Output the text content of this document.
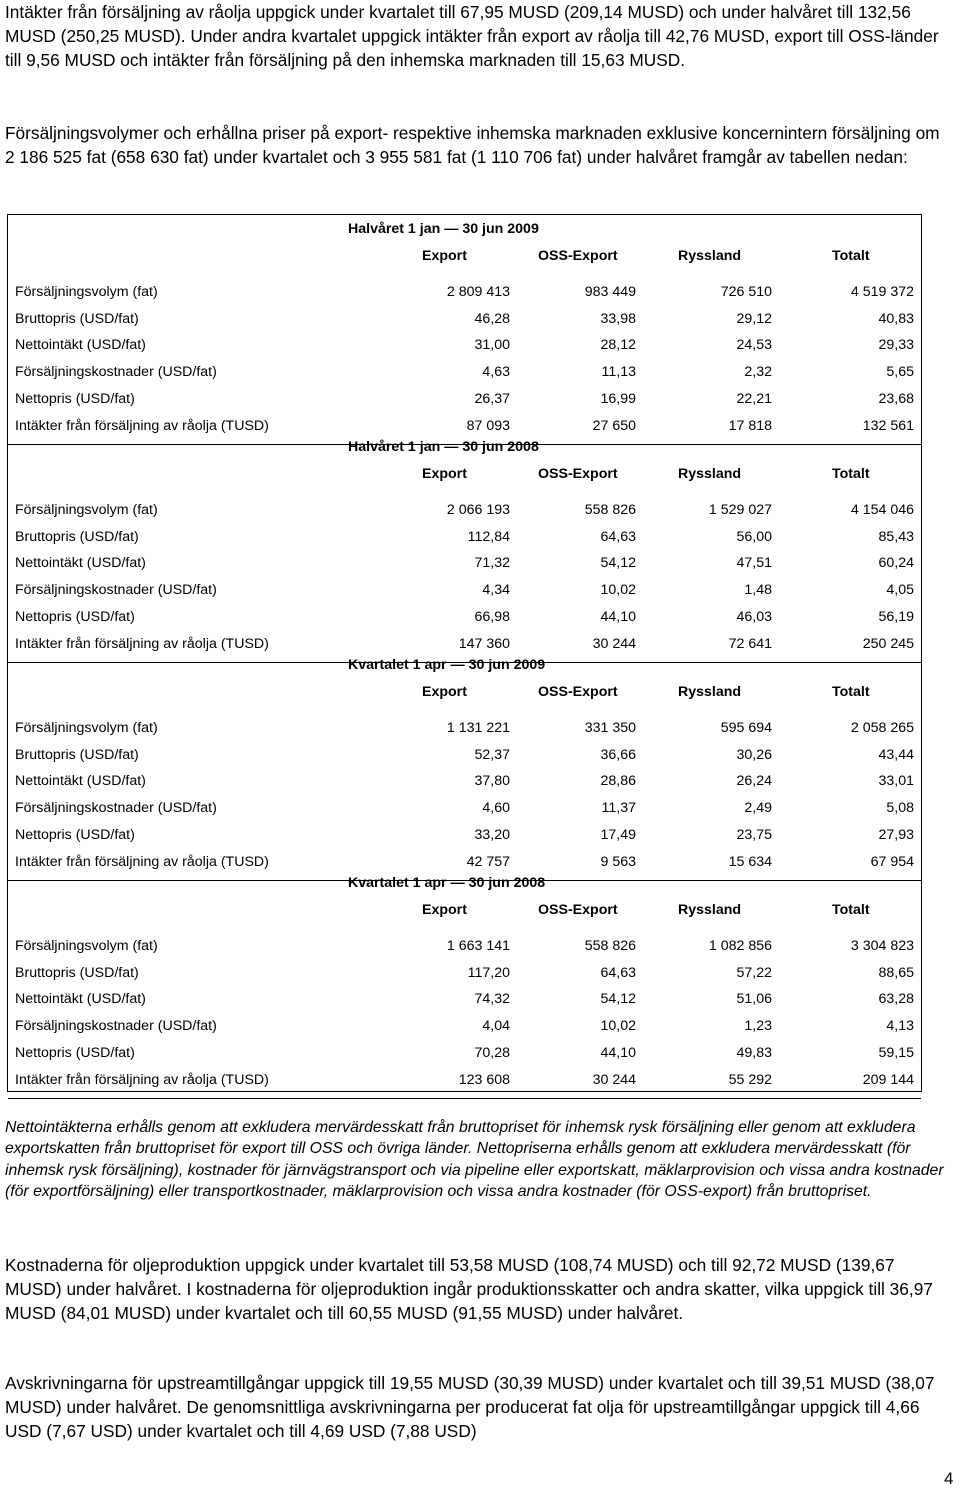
Intäkter från försäljning av råolja uppgick under kvartalet till 67,95 MUSD (209,14 MUSD) och under halvåret till 132,56 MUSD (250,25 MUSD). Under andra kvartalet uppgick intäkter från export av råolja till 42,76 MUSD, export till OSS-länder till 9,56 MUSD och intäkter från försäljning på den inhemska marknaden till 15,63 MUSD.

Försäljningsvolymer och erhållna priser på export- respektive inhemska marknaden exklusive koncernintern försäljning om 2 186 525 fat (658 630 fat) under kvartalet och 3 955 581 fat (1 110 706 fat) under halvåret framgår av tabellen nedan:

Halvåret 1 jan — 30 jun 2009
Export	OSS-Export	Ryssland	Totalt
Försäljningsvolym (fat)	2 809 413	983 449	726 510	4 519 372
Bruttopris (USD/fat)	46,28	33,98	29,12	40,83
Nettointäkt (USD/fat)	31,00	28,12	24,53	29,33
Försäljningskostnader (USD/fat)	4,63	11,13	2,32	5,65
Nettopris (USD/fat)	26,37	16,99	22,21	23,68
Intäkter från försäljning av råolja (TUSD)	87 093	27 650	17 818	132 561
Halvåret 1 jan — 30 jun 2008
Export	OSS-Export	Ryssland	Totalt
Försäljningsvolym (fat)	2 066 193	558 826	1 529 027	4 154 046
Bruttopris (USD/fat)	112,84	64,63	56,00	85,43
Nettointäkt (USD/fat)	71,32	54,12	47,51	60,24
Försäljningskostnader (USD/fat)	4,34	10,02	1,48	4,05
Nettopris (USD/fat)	66,98	44,10	46,03	56,19
Intäkter från försäljning av råolja (TUSD)	147 360	30 244	72 641	250 245
Kvartalet 1 apr — 30 jun 2009
Export	OSS-Export	Ryssland	Totalt
Försäljningsvolym (fat)	1 131 221	331 350	595 694	2 058 265
Bruttopris (USD/fat)	52,37	36,66	30,26	43,44
Nettointäkt (USD/fat)	37,80	28,86	26,24	33,01
Försäljningskostnader (USD/fat)	4,60	11,37	2,49	5,08
Nettopris (USD/fat)	33,20	17,49	23,75	27,93
Intäkter från försäljning av råolja (TUSD)	42 757	9 563	15 634	67 954
Kvartalet 1 apr — 30 jun 2008
Export	OSS-Export	Ryssland	Totalt
Försäljningsvolym (fat)	1 663 141	558 826	1 082 856	3 304 823
Bruttopris (USD/fat)	117,20	64,63	57,22	88,65
Nettointäkt (USD/fat)	74,32	54,12	51,06	63,28
Försäljningskostnader (USD/fat)	4,04	10,02	1,23	4,13
Nettopris (USD/fat)	70,28	44,10	49,83	59,15
Intäkter från försäljning av råolja (TUSD)	123 608	30 244	55 292	209 144

Nettointäkterna erhålls genom att exkludera mervärdesskatt från bruttopriset för inhemsk rysk försäljning eller genom att exkludera exportskatten från bruttopriset för export till OSS och övriga länder. Nettopriserna erhålls genom att exkludera mervärdesskatt (för inhemsk rysk försäljning), kostnader för järnvägstransport och via pipeline eller exportskatt, mäklarprovision och vissa andra kostnader (för exportförsäljning) eller transportkostnader, mäklarprovision och vissa andra kostnader (för OSS-export) från bruttopriset.

Kostnaderna för oljeproduktion uppgick under kvartalet till 53,58 MUSD (108,74 MUSD) och till 92,72 MUSD (139,67 MUSD) under halvåret. I kostnaderna för oljeproduktion ingår produktionsskatter och andra skatter, vilka uppgick till 36,97 MUSD (84,01 MUSD) under kvartalet och till 60,55 MUSD (91,55 MUSD) under halvåret.

Avskrivningarna för upstreamtillgångar uppgick till 19,55 MUSD (30,39 MUSD) under kvartalet och till 39,51 MUSD (38,07 MUSD) under halvåret. De genomsnittliga avskrivningarna per producerat fat olja för upstreamtillgångar uppgick till 4,66 USD (7,67 USD) under kvartalet och till 4,69 USD (7,88 USD)

4
